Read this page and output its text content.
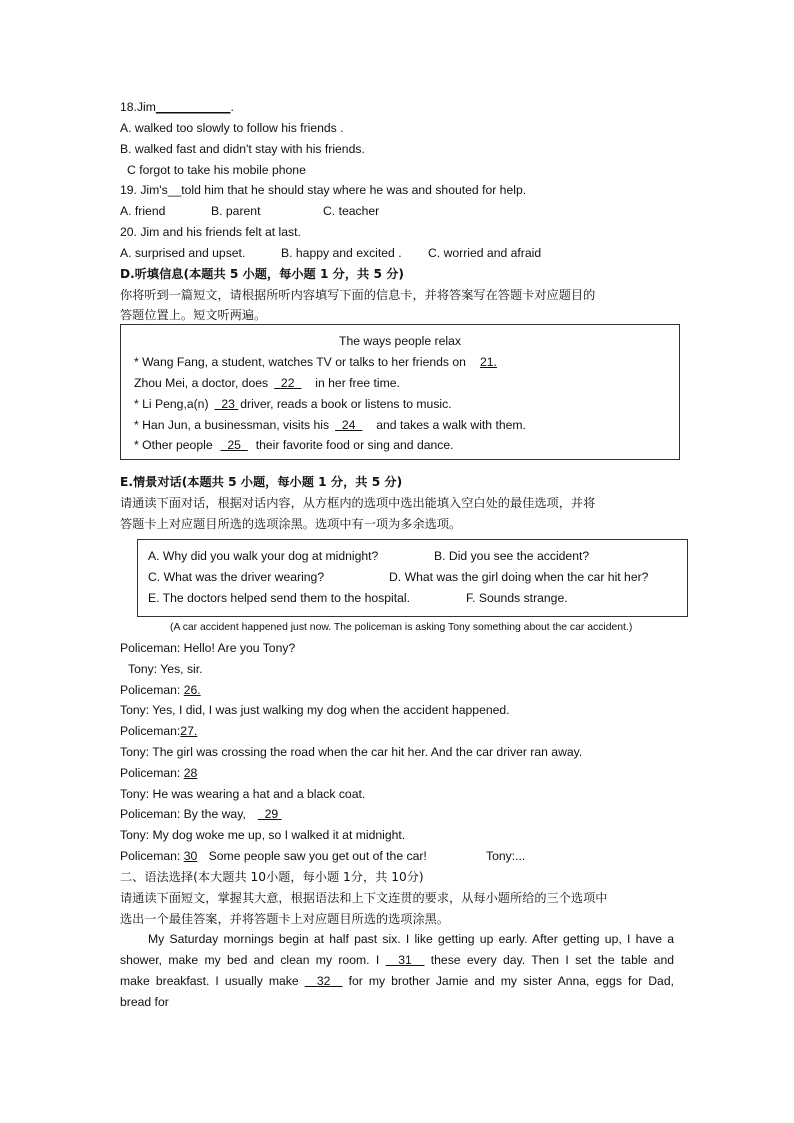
18.Jim___________.
A. walked too slowly to follow his friends .
B. walked fast and didn't stay with his friends.
C forgot to take his mobile phone
19. Jim's__told him that he should stay where he was and shouted for help.
A. friend	B. parent	C. teacher
20. Jim and his friends felt at last.
A. surprised and upset.	B. happy and excited . C. worried and afraid
D.听填信息(本题共 5 小题，每小题 1 分，共 5 分)
你将听到一篇短文，请根据所听内容填写下面的信息卡，并将答案写在答题卡对应题目的
答题位置上。短文听两遍。
The ways people relax
* Wang Fang, a student, watches TV or talks to her friends on 21.
Zhou Mei, a doctor, does 22 in her free time.
* Li Peng,a(n) 23 driver, reads a book or listens to music.
* Han Jun, a businessman, visits his 24 and takes a walk with them.
* Other people 25 their favorite food or sing and dance.
E.情景对话(本题共 5 小题，每小题 1 分，共 5 分)
请通读下面对话，根据对话内容，从方框内的选项中选出能填入空白处的最佳选项，并将
答题卡上对应题目所选的选项涂黑。选项中有一项为多余选项。
A. Why did you walk your dog at midnight?	B. Did you see the accident?
C. What was the driver wearing?	D. What was the girl doing when the car hit her?
E. The doctors helped send them to the hospital.	F. Sounds strange.
(A car accident happened just now. The policeman is asking Tony something about the car accident.)
Policeman: Hello! Are you Tony?
Tony: Yes, sir.
Policeman: 26.
Tony: Yes, I did, I was just walking my dog when the accident happened.
Policeman:27.
Tony: The girl was crossing the road when the car hit her. And the car driver ran away.
Policeman: 28
Tony: He was wearing a hat and a black coat.
Policeman: By the way, 29
Tony: My dog woke me up, so I walked it at midnight.
Policeman: 30 Some people saw you get out of the car!	Tony:...
二、语法选择(本大题共 10小题，每小题 1分，共 10分)
请通读下面短文，掌握其大意，根据语法和上下文连贯的要求，从每小题所给的三个选项中
选出一个最佳答案，并将答题卡上对应题目所选的选项涂黑。
My Saturday mornings begin at half past six. I like getting up early. After getting up, I have a
shower, make my bed and clean my room. I 31 these every day. Then I set the table and
make breakfast. I usually make 32 for my brother Jamie and my sister Anna, eggs for Dad,
bread for
